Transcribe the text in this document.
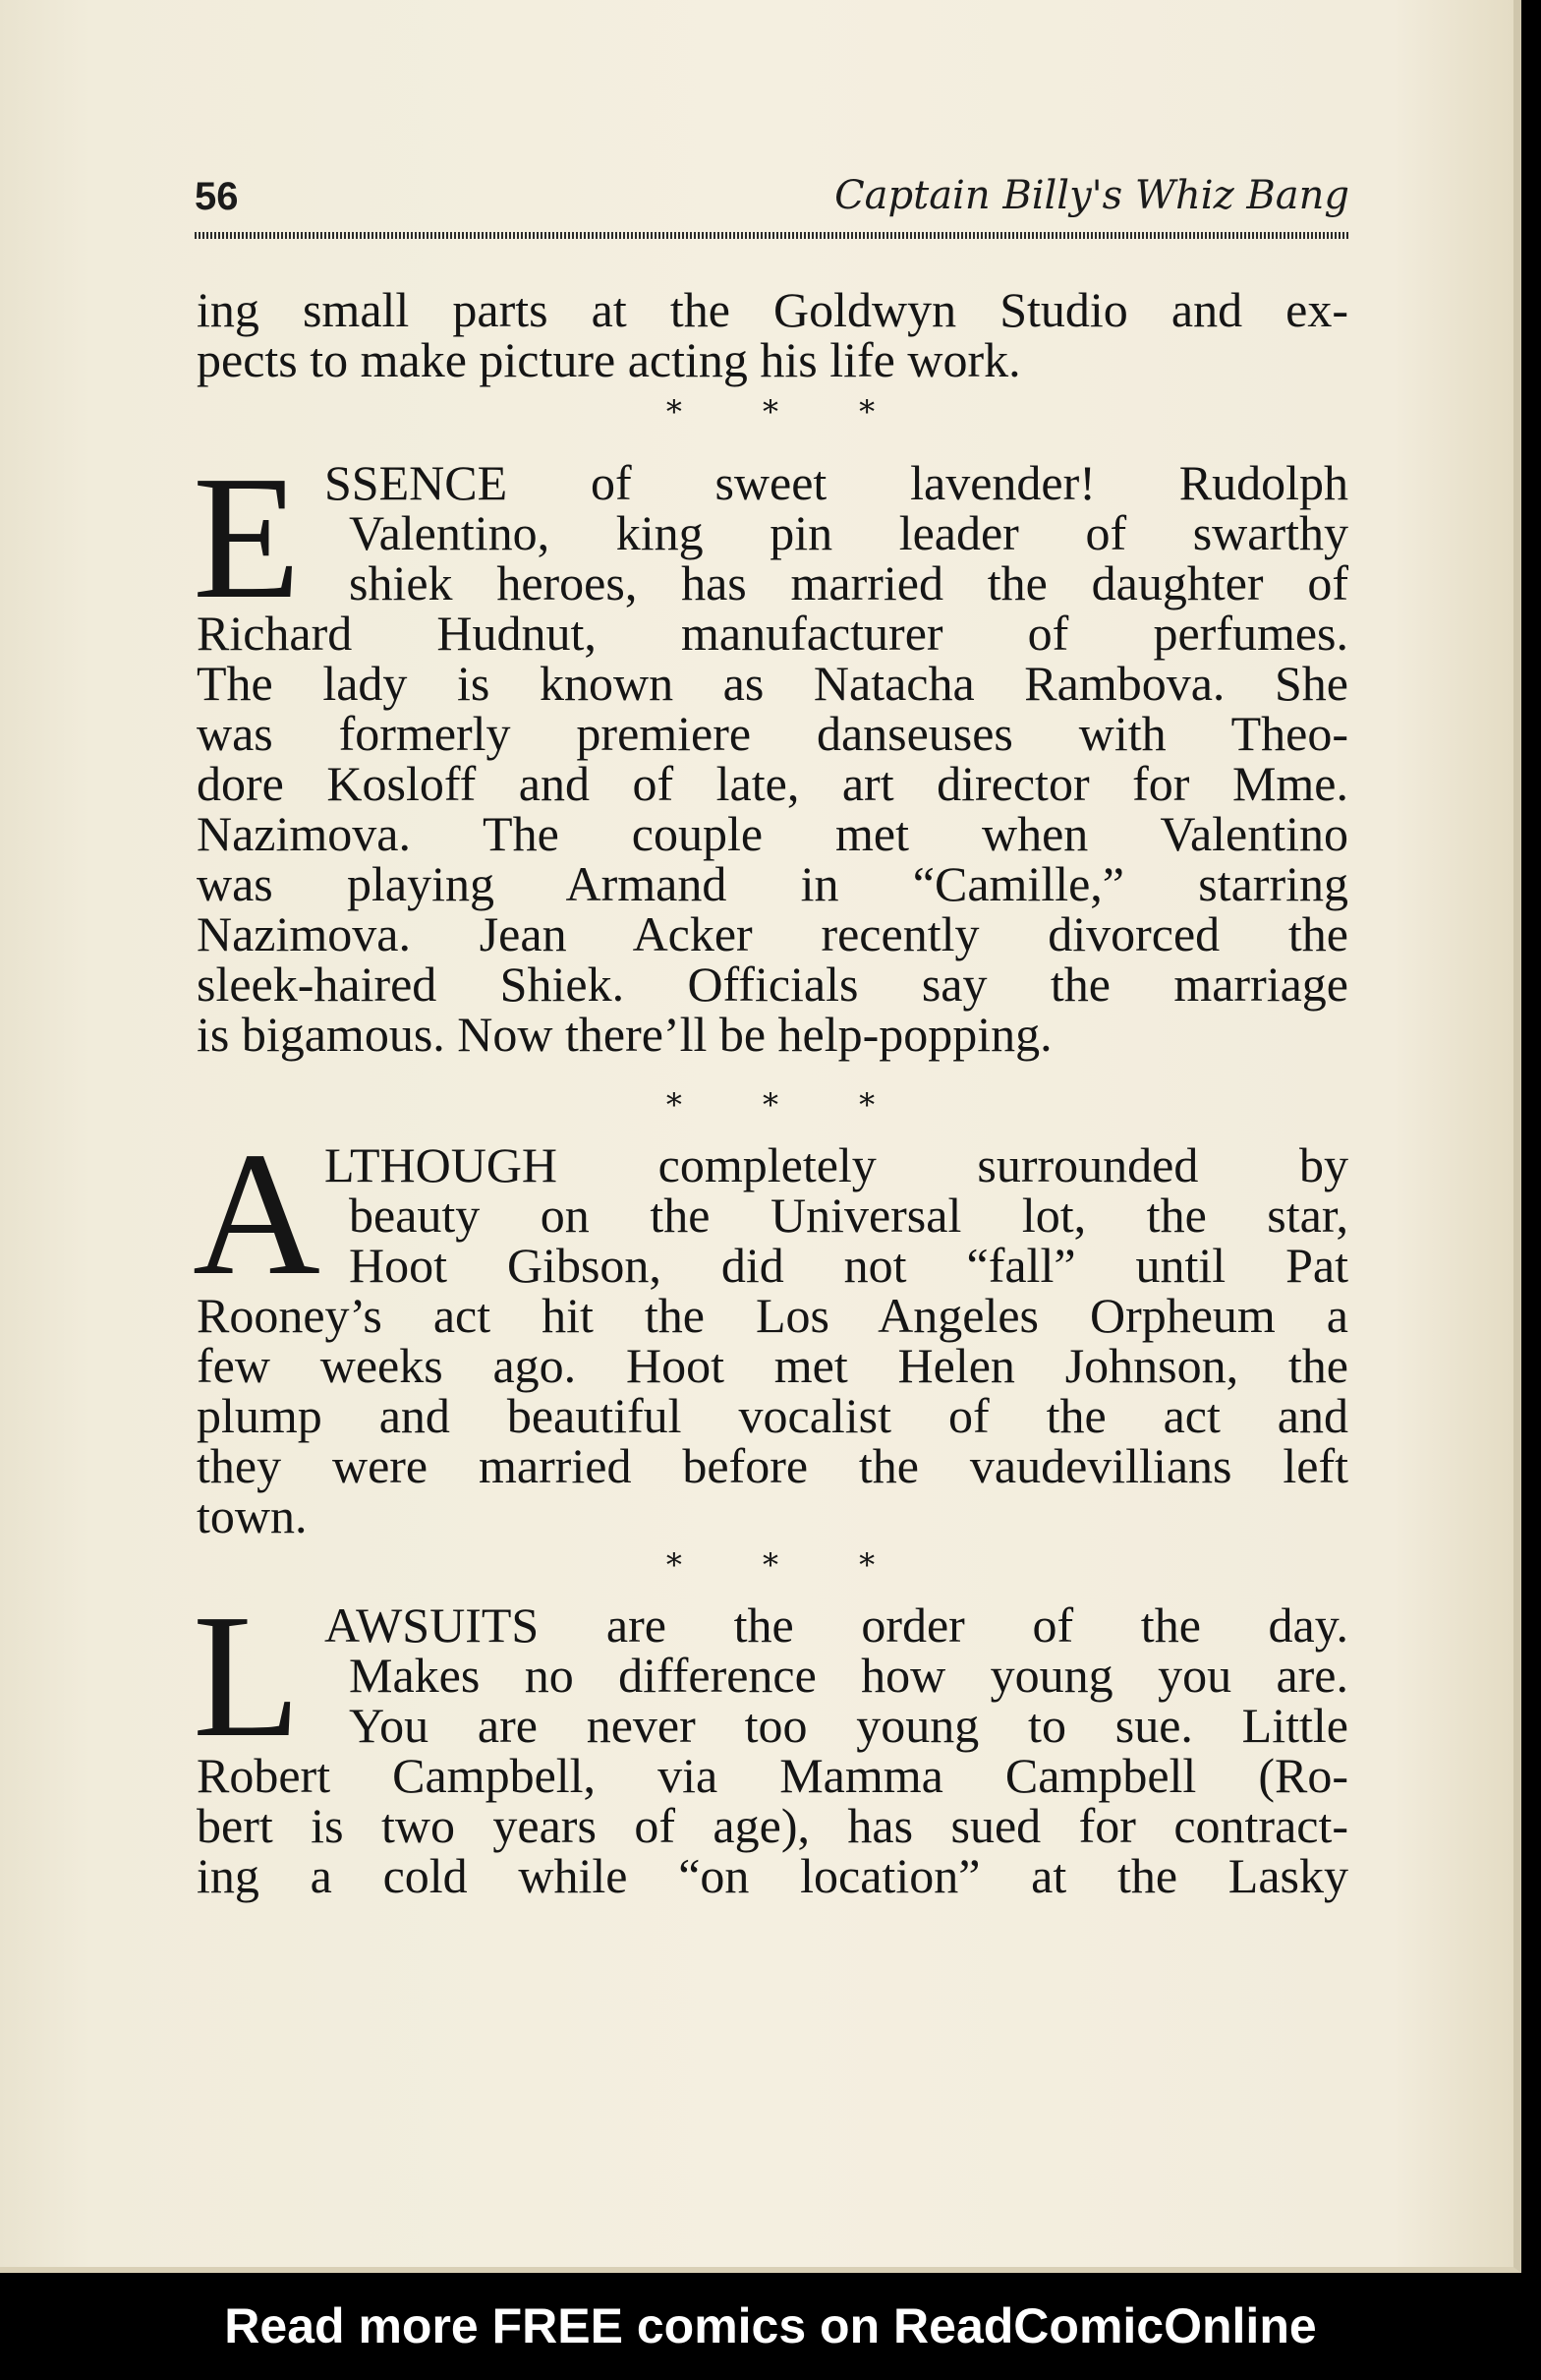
56	Captain Billy's Whiz Bang
ing small parts at the Goldwyn Studio and ex-
pects to make picture acting his life work.
* * *
E SSENCE of sweet lavender! Rudolph
Valentino, king pin leader of swarthy
shiek heroes, has married the daughter of
Richard Hudnut, manufacturer of perfumes.
The lady is known as Natacha Rambova. She
was formerly premiere danseuses with Theo-
dore Kosloff and of late, art director for Mme.
Nazimova. The couple met when Valentino
was playing Armand in “Camille,” starring
Nazimova. Jean Acker recently divorced the
sleek-haired Shiek. Officials say the marriage
is bigamous. Now there’ll be help-popping.
* * *
A LTHOUGH completely surrounded by
beauty on the Universal lot, the star,
Hoot Gibson, did not “fall” until Pat
Rooney’s act hit the Los Angeles Orpheum a
few weeks ago. Hoot met Helen Johnson, the
plump and beautiful vocalist of the act and
they were married before the vaudevillians left
town.
* * *
L AWSUITS are the order of the day.
Makes no difference how young you are.
You are never too young to sue. Little
Robert Campbell, via Mamma Campbell (Ro-
bert is two years of age), has sued for contract-
ing a cold while “on location” at the Lasky
Read more FREE comics on ReadComicOnline
